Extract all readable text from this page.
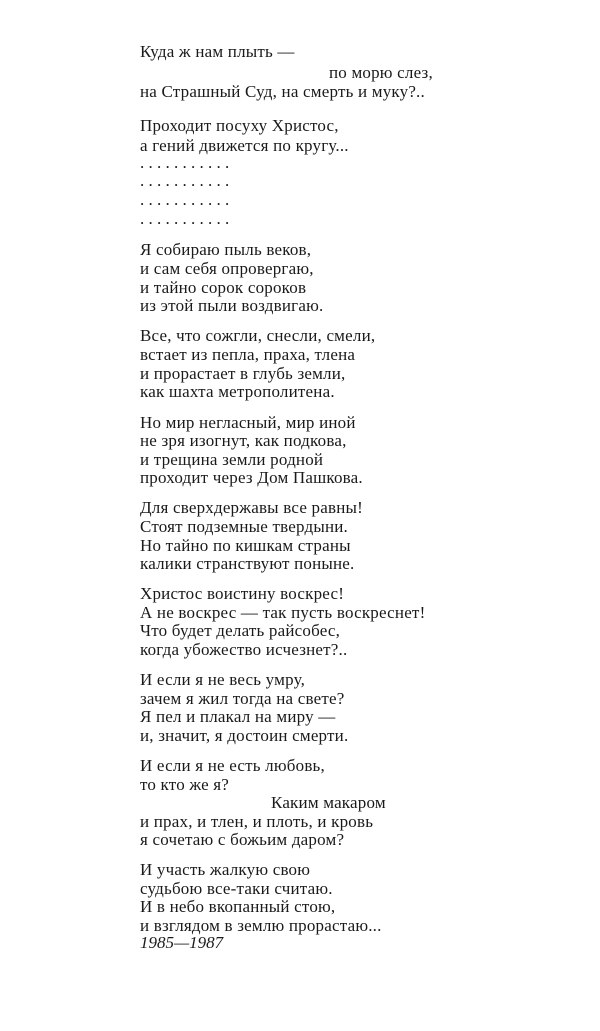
Куда ж нам плыть —
по морю слез,
на Страшный Суд, на смерть и муку?..
Проходит посуху Христос,
а гений движется по кругу...
. . . . . . . . . . .
. . . . . . . . . . .
. . . . . . . . . . .
. . . . . . . . . . .
Я собираю пыль веков,
и сам себя опровергаю,
и тайно сорок сороков
из этой пыли воздвигаю.
Все, что сожгли, снесли, смели,
встает из пепла, праха, тлена
и прорастает в глубь земли,
как шахта метрополитена.
Но мир негласный, мир иной
не зря изогнут, как подкова,
и трещина земли родной
проходит через Дом Пашкова.
Для сверхдержавы все равны!
Стоят подземные твердыни.
Но тайно по кишкам страны
калики странствуют поныне.
Христос воистину воскрес!
А не воскрес — так пусть воскреснет!
Что будет делать райсобес,
когда убожество исчезнет?..
И если я не весь умру,
зачем я жил тогда на свете?
Я пел и плакал на миру —
и, значит, я достоин смерти.
И если я не есть любовь,
то кто же я?
Каким макаром
и прах, и тлен, и плоть, и кровь
я сочетаю с божьим даром?
И участь жалкую свою
судьбою все-таки считаю.
И в небо вкопанный стою,
и взглядом в землю прорастаю...
1985—1987
